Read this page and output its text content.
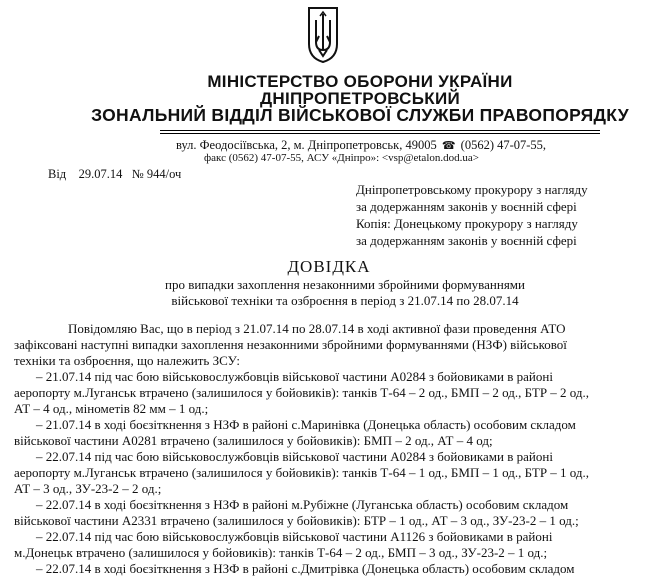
МІНІСТЕРСТВО ОБОРОНИ УКРАЇНИ
ДНІПРОПЕТРОВСЬКИЙ
ЗОНАЛЬНИЙ ВІДДІЛ ВІЙСЬКОВОЇ СЛУЖБИ ПРАВОПОРЯДКУ
вул. Феодосіївська, 2, м. Дніпропетровськ, 49005 ☎ (0562) 47-07-55,
факс (0562) 47-07-55, АСУ «Дніпро»: <vsp@etalon.dod.ua>
Від 29.07.14 № 944/оч
Дніпропетровському прокурору з нагляду
за додержанням законів у воєнній сфері
Копія: Донецькому прокурору з нагляду
за додержанням законів у воєнній сфері
ДОВІДКА
про випадки захоплення незаконними збройними формуваннями
військової техніки та озброєння в період з 21.07.14 по 28.07.14
Повідомляю Вас, що в період з 21.07.14 по 28.07.14 в ході активної фази проведення АТО
зафіксовані наступні випадки захоплення незаконними збройними формуваннями (НЗФ) військової
техніки та озброєння, що належить ЗСУ:
– 21.07.14 під час бою військовослужбовців військової частини А0284 з бойовиками в районі
аеропорту м.Луганськ втрачено (залишилося у бойовиків): танків Т-64 – 2 од., БМП – 2 од., БТР – 2 од.,
АТ – 4 од., мінометів 82 мм – 1 од.;
– 21.07.14 в ході боєзіткнення з НЗФ в районі с.Маринівка (Донецька область) особовим складом
військової частини А0281 втрачено (залишилося у бойовиків): БМП – 2 од., АТ – 4 од;
– 22.07.14 під час бою військовослужбовців військової частини А0284 з бойовиками в районі
аеропорту м.Луганськ втрачено (залишилося у бойовиків): танків Т-64 – 1 од., БМП – 1 од., БТР – 1 од.,
АТ – 3 од., ЗУ-23-2 – 2 од.;
– 22.07.14 в ході боєзіткнення з НЗФ в районі м.Рубіжне (Луганська область) особовим складом
військової частини А2331 втрачено (залишилося у бойовиків): БТР – 1 од., АТ – 3 од., ЗУ-23-2 – 1 од.;
– 22.07.14 під час бою військовослужбовців військової частини А1126 з бойовиками в районі
м.Донецьк втрачено (залишилося у бойовиків): танків Т-64 – 2 од., БМП – 3 од., ЗУ-23-2 – 1 од.;
– 22.07.14 в ході боєзіткнення з НЗФ в районі с.Дмитрівка (Донецька область) особовим складом
